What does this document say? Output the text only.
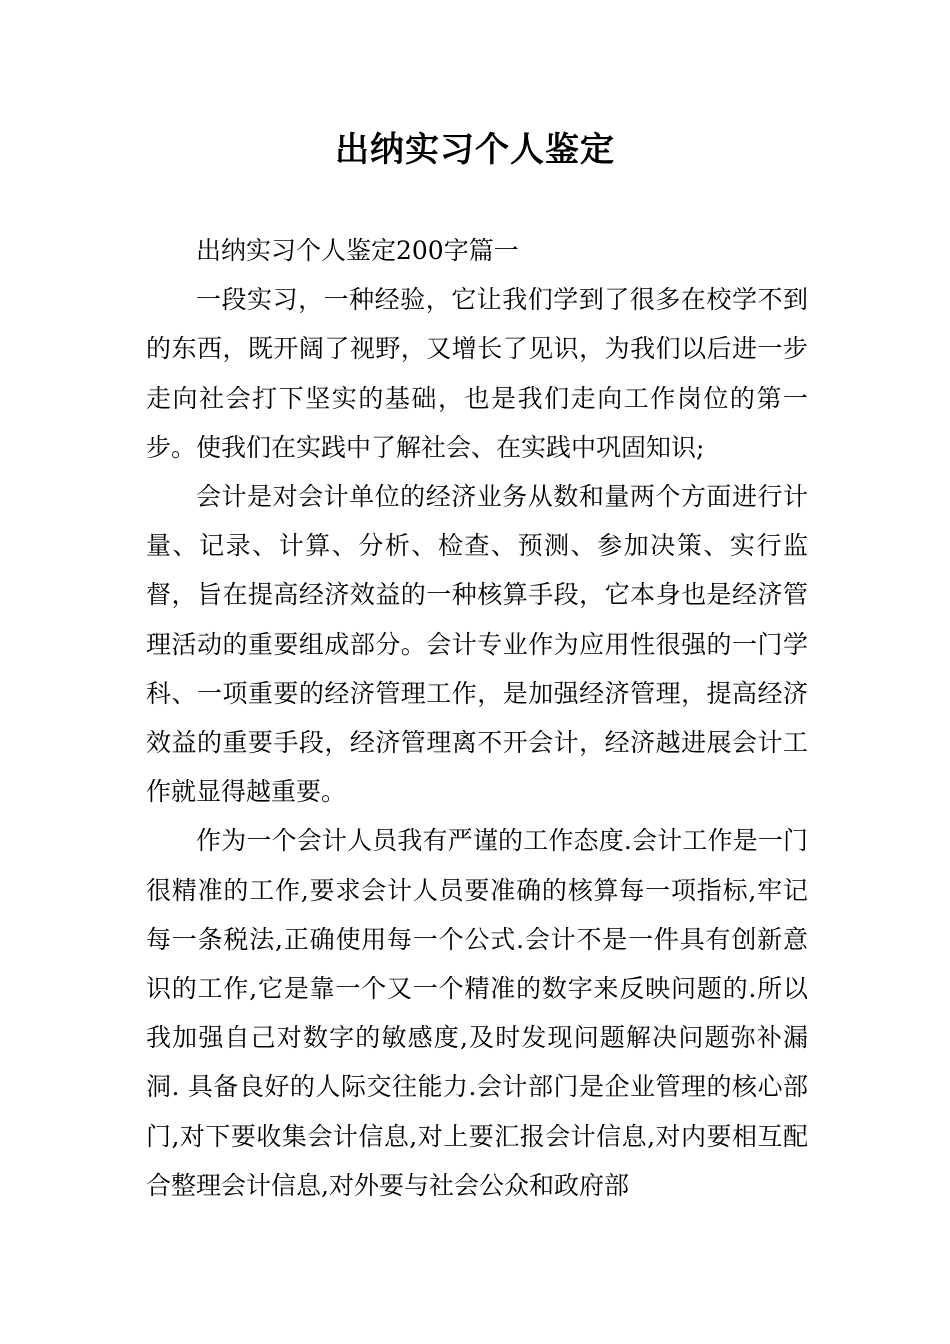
出纳实习个人鉴定

出纳实习个人鉴定200字篇一

一段实习，一种经验，它让我们学到了很多在校学不到的东西，既开阔了视野，又增长了见识，为我们以后进一步走向社会打下坚实的基础，也是我们走向工作岗位的第一步。使我们在实践中了解社会、在实践中巩固知识;

会计是对会计单位的经济业务从数和量两个方面进行计量、记录、计算、分析、检查、预测、参加决策、实行监督，旨在提高经济效益的一种核算手段，它本身也是经济管理活动的重要组成部分。会计专业作为应用性很强的一门学科、一项重要的经济管理工作，是加强经济管理，提高经济效益的重要手段，经济管理离不开会计，经济越进展会计工作就显得越重要。

作为一个会计人员我有严谨的工作态度.会计工作是一门很精准的工作,要求会计人员要准确的核算每一项指标,牢记每一条税法,正确使用每一个公式.会计不是一件具有创新意识的工作,它是靠一个又一个精准的数字来反映问题的.所以我加强自己对数字的敏感度,及时发现问题解决问题弥补漏洞. 具备良好的人际交往能力.会计部门是企业管理的核心部门,对下要收集会计信息,对上要汇报会计信息,对内要相互配合整理会计信息,对外要与社会公众和政府部
